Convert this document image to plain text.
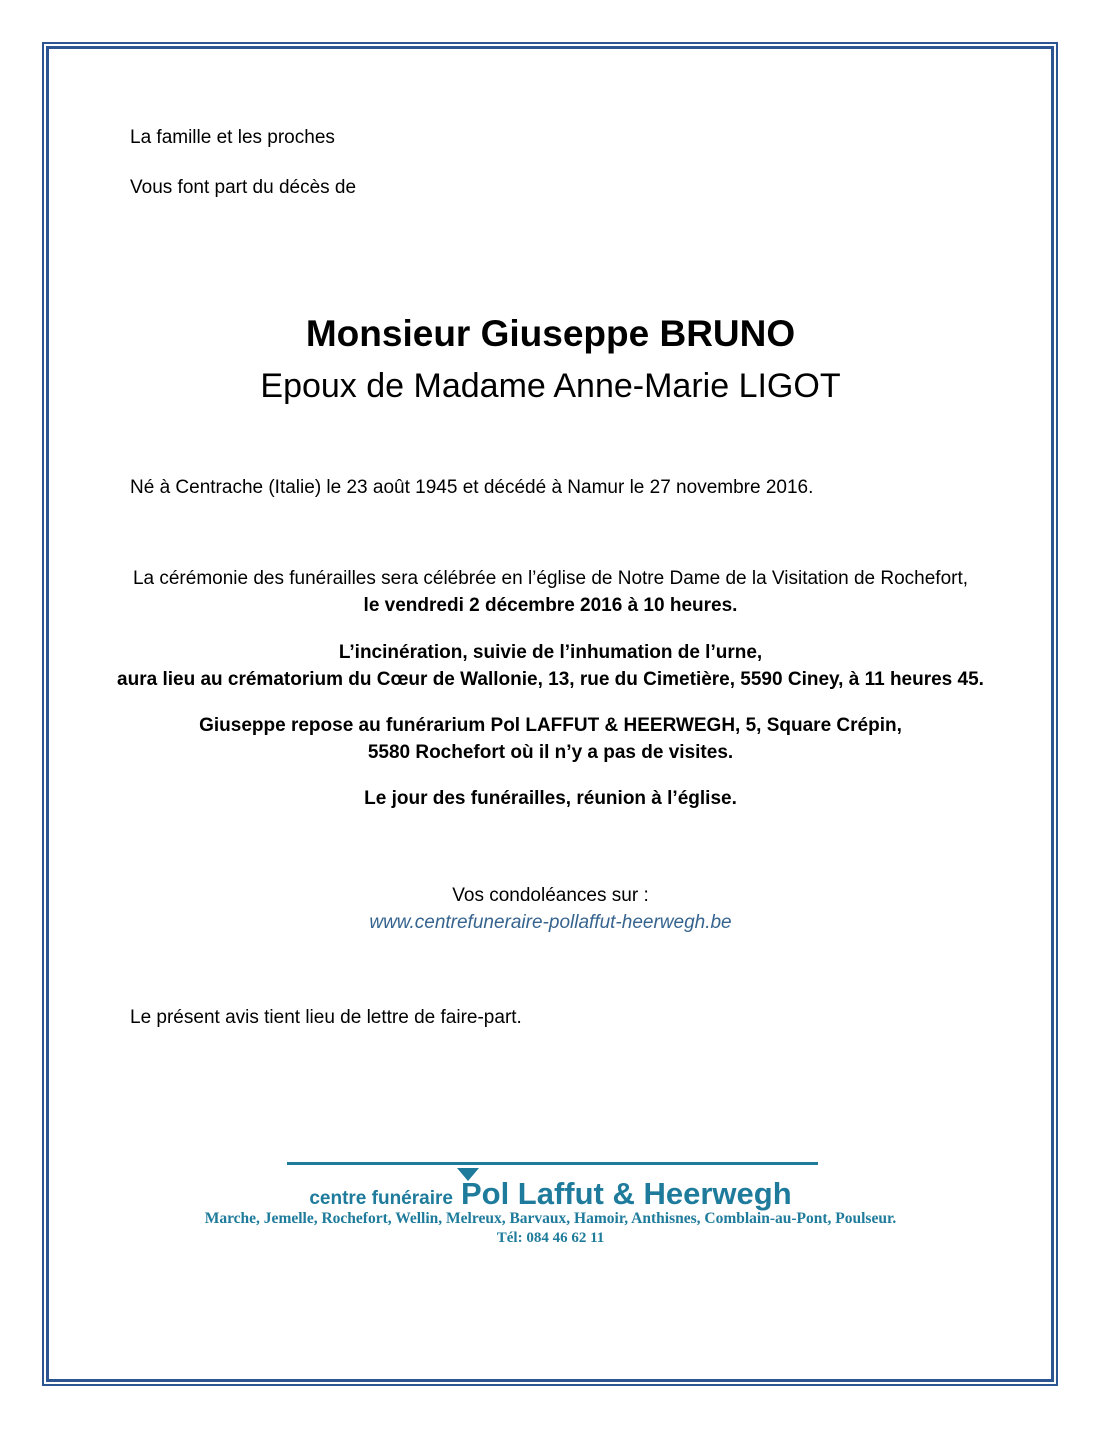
La famille et les proches
Vous font part du décès de
Monsieur Giuseppe BRUNO
Epoux de Madame Anne-Marie LIGOT
Né à Centrache (Italie) le 23 août 1945 et décédé à Namur le 27 novembre 2016.
La cérémonie des funérailles sera célébrée en l’église de Notre Dame de la Visitation de Rochefort,
le vendredi 2 décembre 2016 à 10 heures.
L’incinération, suivie de l’inhumation de l’urne,
aura lieu au crématorium du Cœur de Wallonie, 13, rue du Cimetière, 5590 Ciney, à 11 heures 45.
Giuseppe repose au funérarium Pol LAFFUT & HEERWEGH, 5, Square Crépin,
5580 Rochefort où il n’y a pas de visites.
Le jour des funérailles, réunion à l’église.
Vos condoléances sur :
www.centrefuneraire-pollaffut-heerwegh.be
Le présent avis tient lieu de lettre de faire-part.
centre funéraire Pol Laffut & Heerwegh
Marche, Jemelle, Rochefort, Wellin, Melreux, Barvaux, Hamoir, Anthisnes, Comblain-au-Pont, Poulseur.
Tél: 084 46 62 11
